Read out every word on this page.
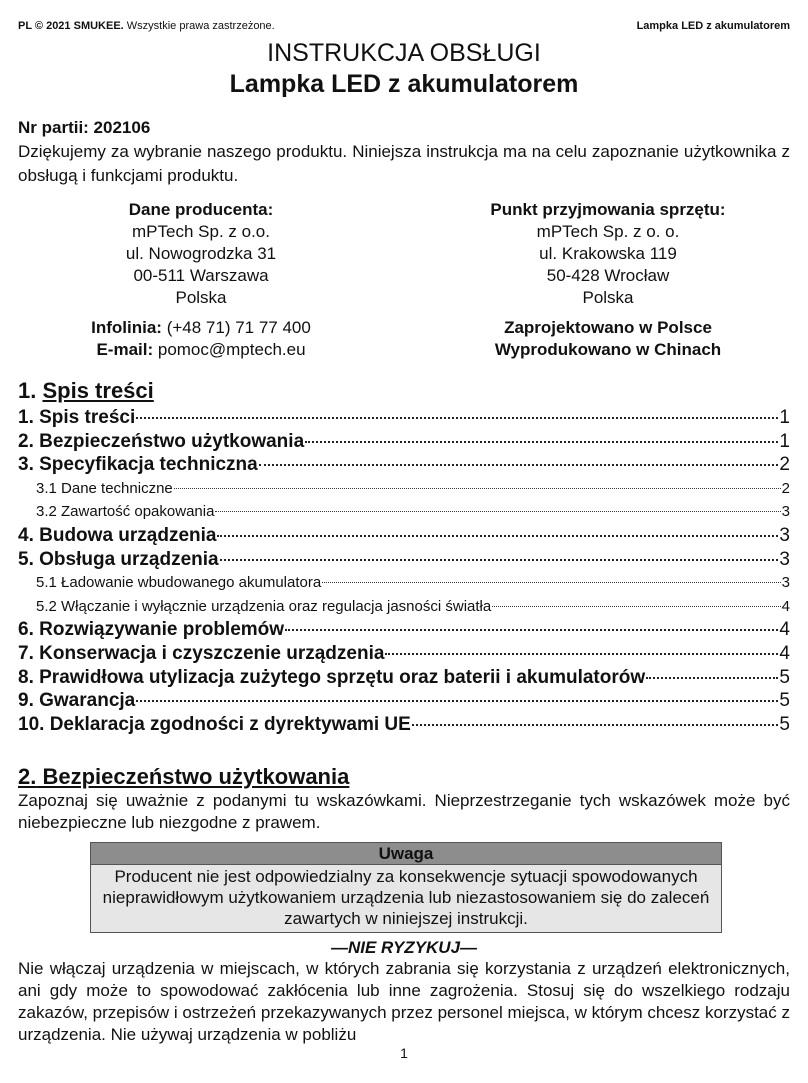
PL © 2021 SMUKEE. Wszystkie prawa zastrzeżone.	Lampka LED z akumulatorem
INSTRUKCJA OBSŁUGI
Lampka LED z akumulatorem
Nr partii: 202106
Dziękujemy za wybranie naszego produktu. Niniejsza instrukcja ma na celu zapoznanie użytkownika z obsługą i funkcjami produktu.
Dane producenta:
mPTech Sp. z o.o.
ul. Nowogrodzka 31
00-511 Warszawa
Polska
Punkt przyjmowania sprzętu:
mPTech Sp. z o. o.
ul. Krakowska 119
50-428 Wrocław
Polska
Infolinia: (+48 71) 71 77 400
E-mail: pomoc@mptech.eu
Zaprojektowano w Polsce
Wyprodukowano w Chinach
1. Spis treści
1. Spis treści	1
2. Bezpieczeństwo użytkowania	1
3. Specyfikacja techniczna	2
3.1 Dane techniczne	2
3.2 Zawartość opakowania	3
4. Budowa urządzenia	3
5. Obsługa urządzenia	3
5.1 Ładowanie wbudowanego akumulatora	3
5.2 Włączanie i wyłącznie urządzenia oraz regulacja jasności światła	4
6. Rozwiązywanie problemów	4
7. Konserwacja i czyszczenie urządzenia	4
8. Prawidłowa utylizacja zużytego sprzętu oraz baterii i akumulatorów	5
9. Gwarancja	5
10. Deklaracja zgodności z dyrektywami UE	5
2. Bezpieczeństwo użytkowania
Zapoznaj się uważnie z podanymi tu wskazówkami. Nieprzestrzeganie tych wskazówek może być niebezpieczne lub niezgodne z prawem.
Uwaga
Producent nie jest odpowiedzialny za konsekwencje sytuacji spowodowanych nieprawidłowym użytkowaniem urządzenia lub niezastosowaniem się do zaleceń zawartych w niniejszej instrukcji.
—NIE RYZYKUJ—
Nie włączaj urządzenia w miejscach, w których zabrania się korzystania z urządzeń elektronicznych, ani gdy może to spowodować zakłócenia lub inne zagrożenia. Stosuj się do wszelkiego rodzaju zakazów, przepisów i ostrzeżeń przekazywanych przez personel miejsca, w którym chcesz korzystać z urządzenia. Nie używaj urządzenia w pobliżu
1
